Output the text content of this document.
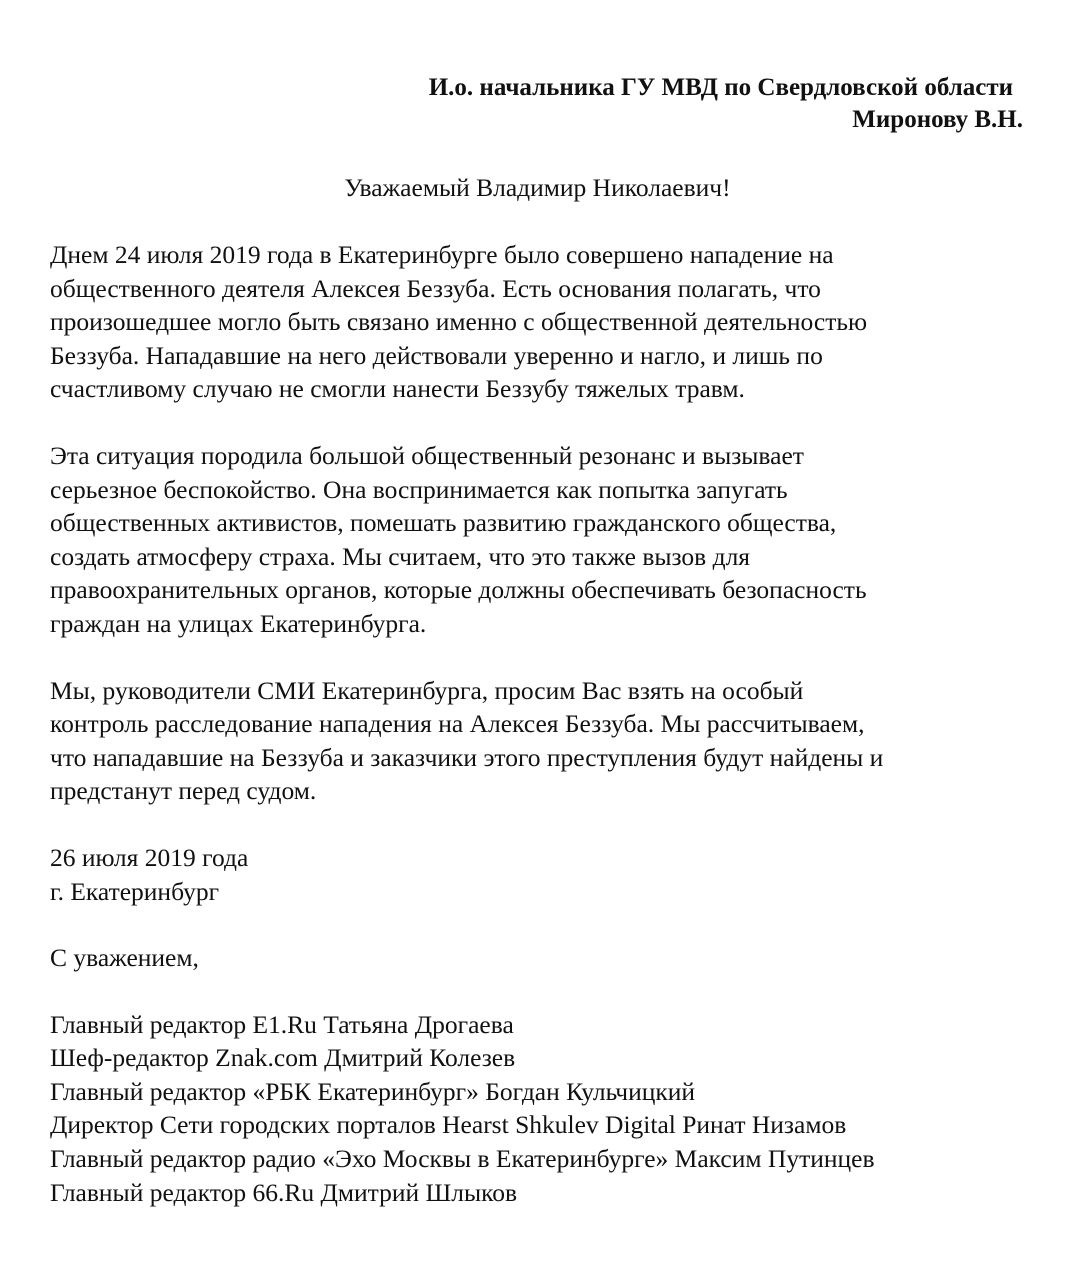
И.о. начальника ГУ МВД по Свердловской области
Миронову В.Н.
Уважаемый Владимир Николаевич!
Днем 24 июля 2019 года в Екатеринбурге было совершено нападение на
общественного деятеля Алексея Беззуба. Есть основания полагать, что
произошедшее могло быть связано именно с общественной деятельностью
Беззуба. Нападавшие на него действовали уверенно и нагло, и лишь по
счастливому случаю не смогли нанести Беззубу тяжелых травм.
Эта ситуация породила большой общественный резонанс и вызывает
серьезное беспокойство. Она воспринимается как попытка запугать
общественных активистов, помешать развитию гражданского общества,
создать атмосферу страха. Мы считаем, что это также вызов для
правоохранительных органов, которые должны обеспечивать безопасность
граждан на улицах Екатеринбурга.
Мы, руководители СМИ Екатеринбурга, просим Вас взять на особый
контроль расследование нападения на Алексея Беззуба. Мы рассчитываем,
что нападавшие на Беззуба и заказчики этого преступления будут найдены и
предстанут перед судом.
26 июля 2019 года
г. Екатеринбург
С уважением,
Главный редактор E1.Ru Татьяна Дрогаева
Шеф-редактор Znak.com Дмитрий Колезев
Главный редактор «РБК Екатеринбург» Богдан Кульчицкий
Директор Сети городских порталов Hearst Shkulev Digital Ринат Низамов
Главный редактор радио «Эхо Москвы в Екатеринбурге» Максим Путинцев
Главный редактор 66.Ru Дмитрий Шлыков
